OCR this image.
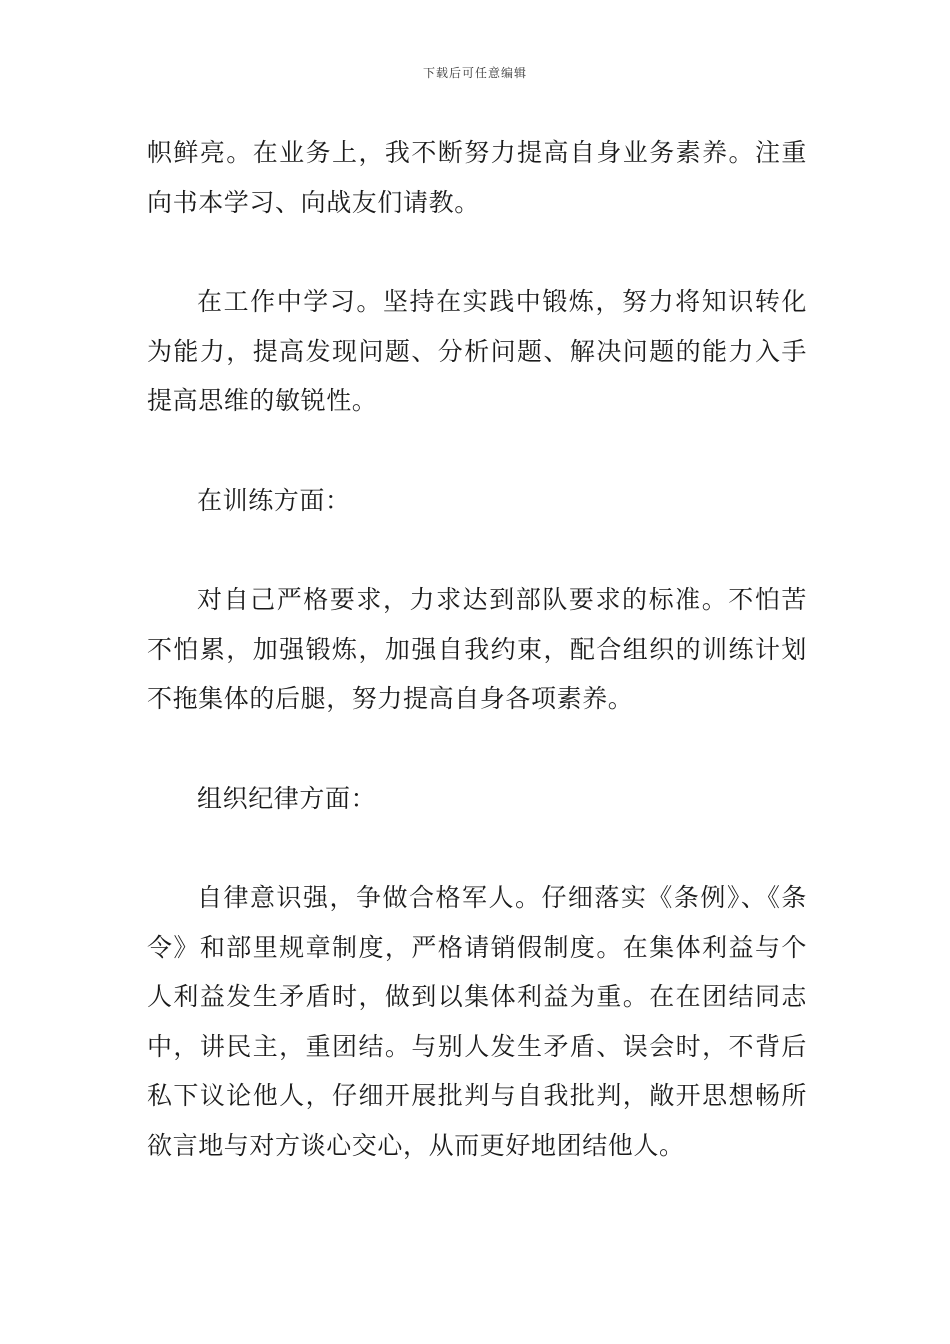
下载后可任意编辑

帜鲜亮。在业务上，我不断努力提高自身业务素养。注重向书本学习、向战友们请教。

在工作中学习。坚持在实践中锻炼，努力将知识转化为能力，提高发现问题、分析问题、解决问题的能力入手提高思维的敏锐性。

在训练方面：

对自己严格要求，力求达到部队要求的标准。不怕苦不怕累，加强锻炼，加强自我约束，配合组织的训练计划不拖集体的后腿，努力提高自身各项素养。

组织纪律方面：

自律意识强，争做合格军人。仔细落实《条例》、《条令》和部里规章制度，严格请销假制度。在集体利益与个人利益发生矛盾时，做到以集体利益为重。在在团结同志中，讲民主，重团结。与别人发生矛盾、误会时，不背后私下议论他人，仔细开展批判与自我批判，敞开思想畅所欲言地与对方谈心交心，从而更好地团结他人。
